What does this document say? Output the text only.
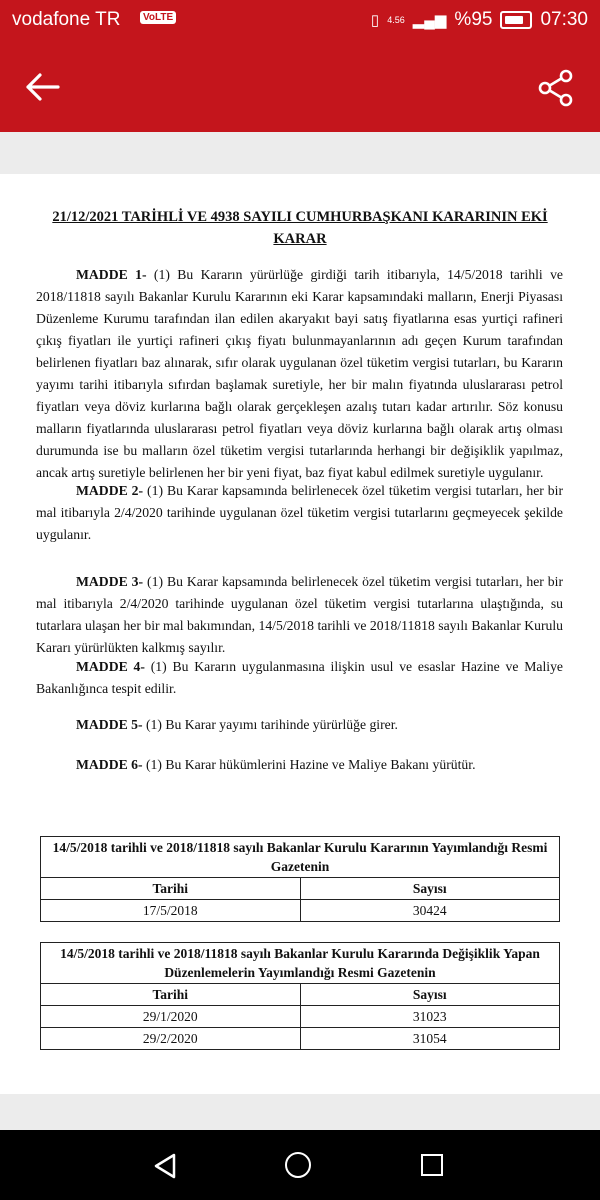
vodafone TR	VoLTE	▯ 4.56 ▂▄▆ %95	07:30
21/12/2021 TARİHLİ VE 4938 SAYILI CUMHURBAŞKANI KARARININ EKİ
KARAR
MADDE 1- (1) Bu Kararın yürürlüğe girdiği tarih itibarıyla, 14/5/2018 tarihli ve 2018/11818 sayılı Bakanlar Kurulu Kararının eki Karar kapsamındaki malların, Enerji Piyasası Düzenleme Kurumu tarafından ilan edilen akaryakıt bayi satış fiyatlarına esas yurtiçi rafineri çıkış fiyatları ile yurtiçi rafineri çıkış fiyatı bulunmayanlarının adı geçen Kurum tarafından belirlenen fiyatları baz alınarak, sıfır olarak uygulanan özel tüketim vergisi tutarları, bu Kararın yayımı tarihi itibarıyla sıfırdan başlamak suretiyle, her bir malın fiyatında uluslararası petrol fiyatları veya döviz kurlarına bağlı olarak gerçekleşen azalış tutarı kadar artırılır. Söz konusu malların fiyatlarında uluslararası petrol fiyatları veya döviz kurlarına bağlı olarak artış olması durumunda ise bu malların özel tüketim vergisi tutarlarında herhangi bir değişiklik yapılmaz, ancak artış suretiyle belirlenen her bir yeni fiyat, baz fiyat kabul edilmek suretiyle uygulanır.
MADDE 2- (1) Bu Karar kapsamında belirlenecek özel tüketim vergisi tutarları, her bir mal itibarıyla 2/4/2020 tarihinde uygulanan özel tüketim vergisi tutarlarını geçmeyecek şekilde uygulanır.
MADDE 3- (1) Bu Karar kapsamında belirlenecek özel tüketim vergisi tutarları, her bir mal itibarıyla 2/4/2020 tarihinde uygulanan özel tüketim vergisi tutarlarına ulaştığında, su tutarlara ulaşan her bir mal bakımından, 14/5/2018 tarihli ve 2018/11818 sayılı Bakanlar Kurulu Kararı yürürlükten kalkmış sayılır.
MADDE 4- (1) Bu Kararın uygulanmasına ilişkin usul ve esaslar Hazine ve Maliye Bakanlığınca tespit edilir.
MADDE 5- (1) Bu Karar yayımı tarihinde yürürlüğe girer.
MADDE 6- (1) Bu Karar hükümlerini Hazine ve Maliye Bakanı yürütür.
14/5/2018 tarihli ve 2018/11818 sayılı Bakanlar Kurulu Kararının Yayımlandığı Resmi Gazetenin	
Tarihi	Sayısı
17/5/2018	30424
14/5/2018 tarihli ve 2018/11818 sayılı Bakanlar Kurulu Kararında Değişiklik Yapan Düzenlemelerin Yayımlandığı Resmi Gazetenin	
Tarihi	Sayısı
29/1/2020	31023
29/2/2020	31054
